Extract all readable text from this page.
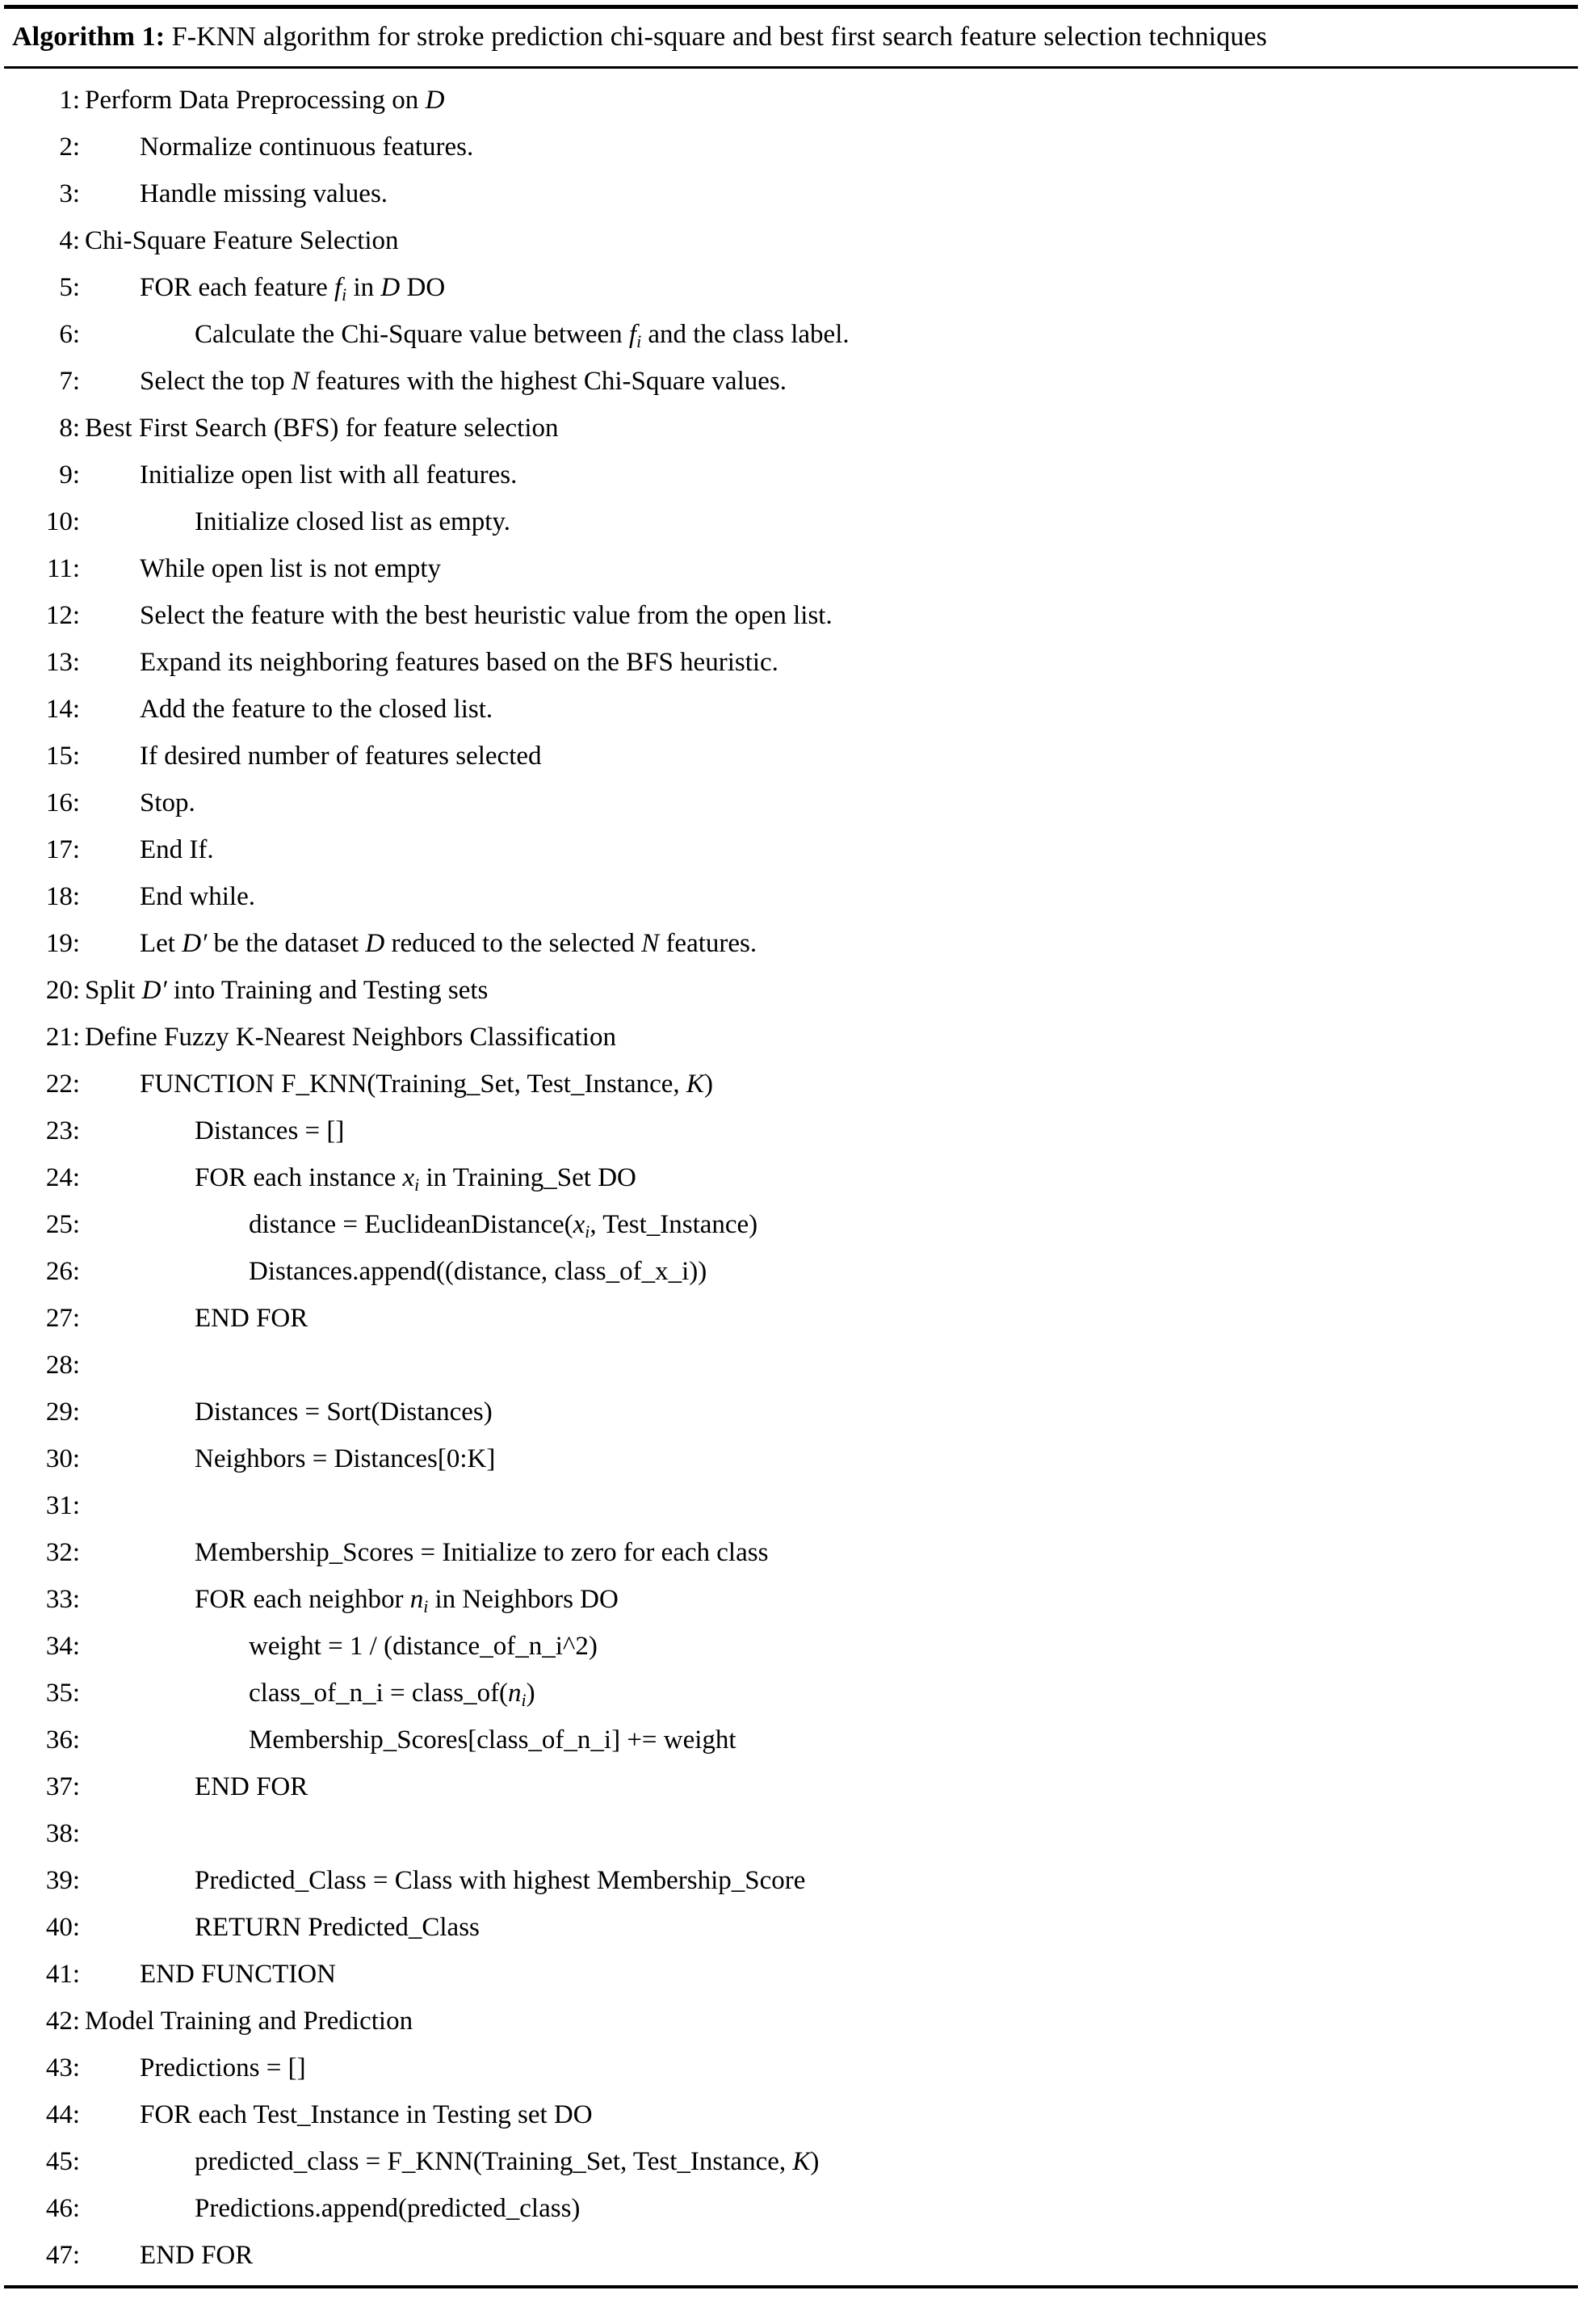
Algorithm 1: F-KNN algorithm for stroke prediction chi-square and best first search feature selection techniques
1: Perform Data Preprocessing on D
2:	Normalize continuous features.
3:	Handle missing values.
4: Chi-Square Feature Selection
5:	FOR each feature $f_i$ in D DO
6:	Calculate the Chi-Square value between $f_i$ and the class label.
7:	Select the top N features with the highest Chi-Square values.
8: Best First Search (BFS) for feature selection
9:	Initialize open list with all features.
10:	Initialize closed list as empty.
11:	While open list is not empty
12:	Select the feature with the best heuristic value from the open list.
13:	Expand its neighboring features based on the BFS heuristic.
14:	Add the feature to the closed list.
15:	If desired number of features selected
16:	Stop.
17:	End If.
18:	End while.
19:	Let D′ be the dataset D reduced to the selected N features.
20: Split D′ into Training and Testing sets
21: Define Fuzzy K-Nearest Neighbors Classification
22:	FUNCTION F_KNN(Training_Set, Test_Instance, K)
23:	Distances = []
24:	FOR each instance $x_i$ in Training_Set DO
25:	distance = $EuclideanDistance(x_i$, Test_Instance)
26:	Distances.append((distance, class_of_x_i))
27:	END FOR
28:
29:	Distances = Sort(Distances)
30:	Neighbors = Distances[0:K]
31:
32:	Membership_Scores = Initialize to zero for each class
33:	FOR each neighbor $n_i$ in Neighbors DO
34:	weight = 1 / (distance_of_n_i^2)
35:	class_of_n_i = $class\_of(n_i)$
36:	Membership_Scores[class_of_n_i] += weight
37:	END FOR
38:
39:	Predicted_Class = Class with highest Membership_Score
40:	RETURN Predicted_Class
41:	END FUNCTION
42: Model Training and Prediction
43:	Predictions = []
44:	FOR each Test_Instance in Testing set DO
45:	predicted_class = F_KNN(Training_Set, Test_Instance, K)
46:	Predictions.append(predicted_class)
47:	END FOR
